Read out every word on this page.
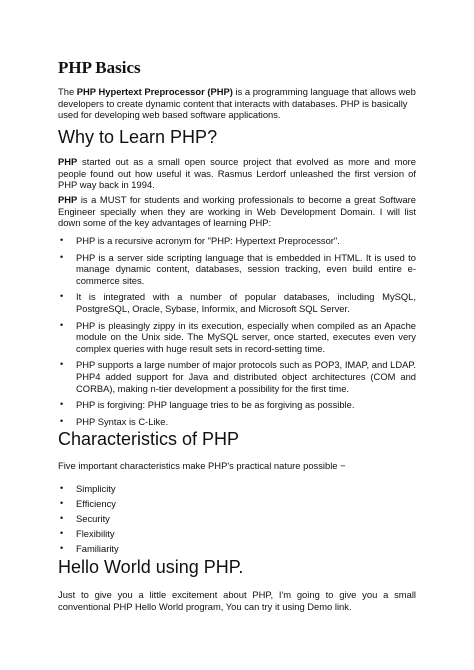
PHP Basics

The PHP Hypertext Preprocessor (PHP) is a programming language that allows web developers to create dynamic content that interacts with databases. PHP is basically used for developing web based software applications.

Why to Learn PHP?

PHP started out as a small open source project that evolved as more and more people found out how useful it was. Rasmus Lerdorf unleashed the first version of PHP way back in 1994.

PHP is a MUST for students and working professionals to become a great Software Engineer specially when they are working in Web Development Domain. I will list down some of the key advantages of learning PHP:

• PHP is a recursive acronym for "PHP: Hypertext Preprocessor".
• PHP is a server side scripting language that is embedded in HTML. It is used to manage dynamic content, databases, session tracking, even build entire e-commerce sites.
• It is integrated with a number of popular databases, including MySQL, PostgreSQL, Oracle, Sybase, Informix, and Microsoft SQL Server.
• PHP is pleasingly zippy in its execution, especially when compiled as an Apache module on the Unix side. The MySQL server, once started, executes even very complex queries with huge result sets in record-setting time.
• PHP supports a large number of major protocols such as POP3, IMAP, and LDAP. PHP4 added support for Java and distributed object architectures (COM and CORBA), making n-tier development a possibility for the first time.
• PHP is forgiving: PHP language tries to be as forgiving as possible.
• PHP Syntax is C-Like.
Characteristics of PHP

Five important characteristics make PHP's practical nature possible −

• Simplicity
• Efficiency
• Security
• Flexibility
• Familiarity
Hello World using PHP.

Just to give you a little excitement about PHP, I'm going to give you a small conventional PHP Hello World program, You can try it using Demo link.
